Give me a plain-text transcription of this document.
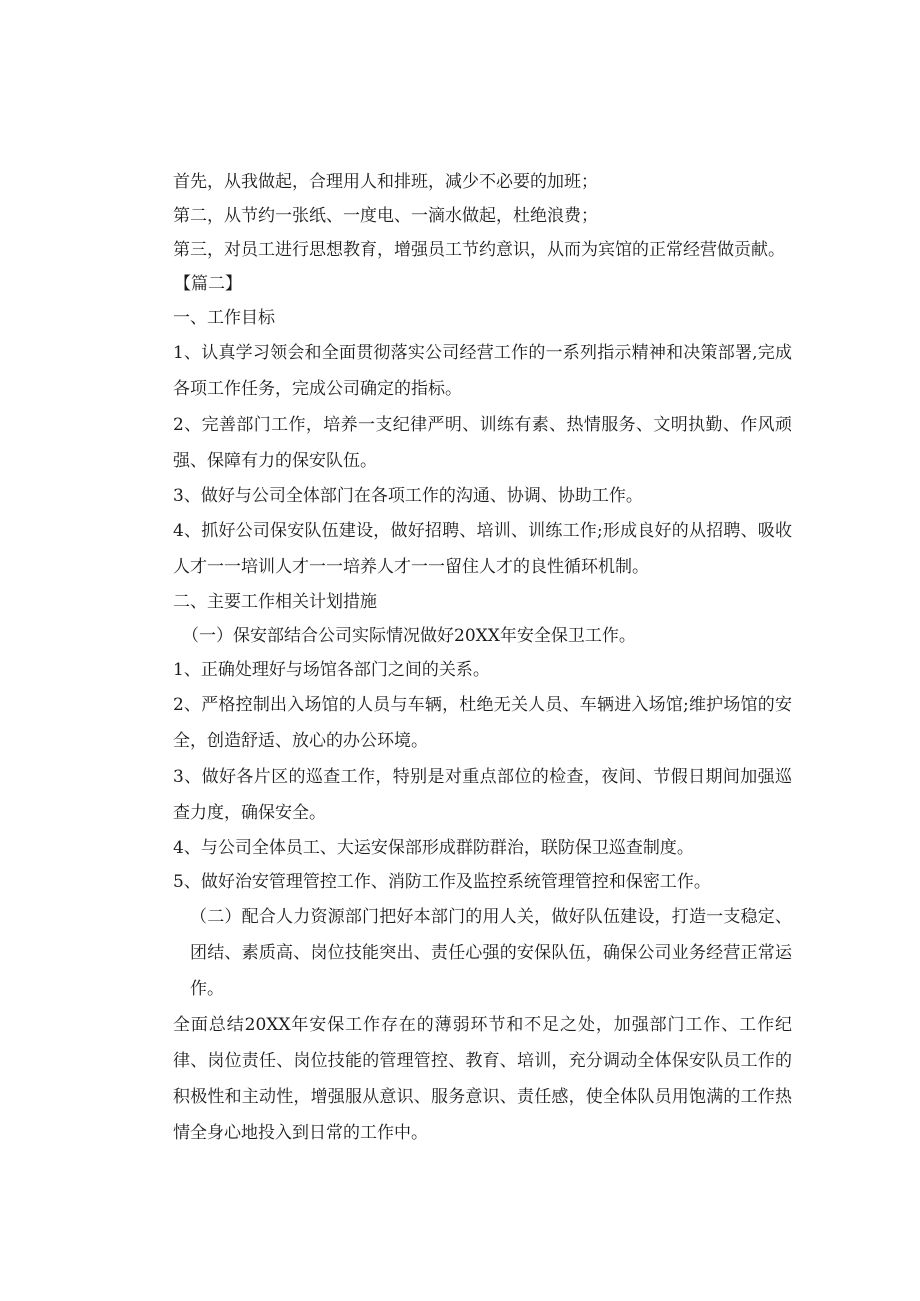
首先，从我做起，合理用人和排班，减少不必要的加班；

第二，从节约一张纸、一度电、一滴水做起，杜绝浪费；

第三，对员工进行思想教育，增强员工节约意识，从而为宾馆的正常经营做贡献。

【篇二】

一、工作目标

1、认真学习领会和全面贯彻落实公司经营工作的一系列指示精神和决策部署,完成各项工作任务，完成公司确定的指标。

2、完善部门工作，培养一支纪律严明、训练有素、热情服务、文明执勤、作风顽强、保障有力的保安队伍。

3、做好与公司全体部门在各项工作的沟通、协调、协助工作。

4、抓好公司保安队伍建设，做好招聘、培训、训练工作;形成良好的从招聘、吸收人才一一培训人才一一培养人才一一留住人才的良性循环机制。

二、主要工作相关计划措施

（一）保安部结合公司实际情况做好20XX年安全保卫工作。

1、正确处理好与场馆各部门之间的关系。

2、严格控制出入场馆的人员与车辆，杜绝无关人员、车辆进入场馆;维护场馆的安全，创造舒适、放心的办公环境。

3、做好各片区的巡查工作，特别是对重点部位的检查，夜间、节假日期间加强巡查力度，确保安全。

4、与公司全体员工、大运安保部形成群防群治，联防保卫巡查制度。

5、做好治安管理管控工作、消防工作及监控系统管理管控和保密工作。

（二）配合人力资源部门把好本部门的用人关，做好队伍建设，打造一支稳定、团结、素质高、岗位技能突出、责任心强的安保队伍，确保公司业务经营正常运作。

全面总结20XX年安保工作存在的薄弱环节和不足之处，加强部门工作、工作纪律、岗位责任、岗位技能的管理管控、教育、培训，充分调动全体保安队员工作的积极性和主动性，增强服从意识、服务意识、责任感，使全体队员用饱满的工作热情全身心地投入到日常的工作中。
